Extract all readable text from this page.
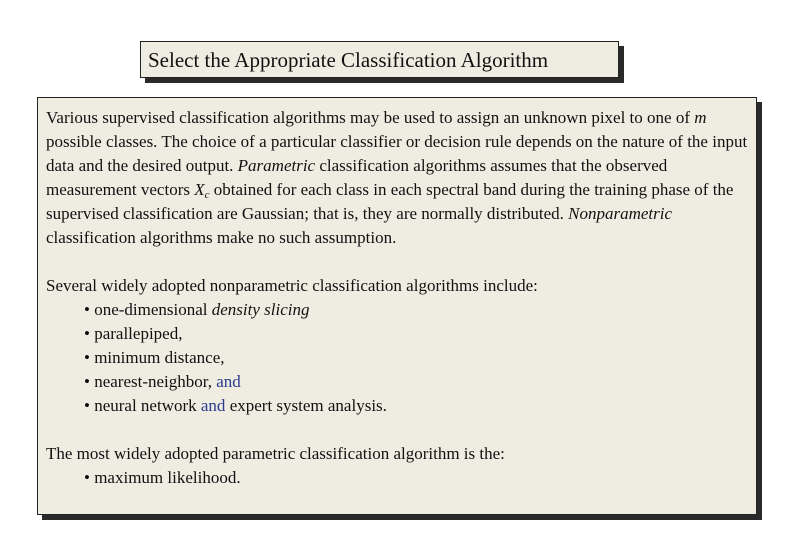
Select the Appropriate Classification Algorithm

Various supervised classification algorithms may be used to assign an unknown pixel to one of m possible classes. The choice of a particular classifier or decision rule depends on the nature of the input data and the desired output. Parametric classification algorithms assumes that the observed measurement vectors $X_c$ obtained for each class in each spectral band during the training phase of the supervised classification are Gaussian; that is, they are normally distributed. Nonparametric classification algorithms make no such assumption.

Several widely adopted nonparametric classification algorithms include:

• one-dimensional density slicing

• parallepiped,

• minimum distance,

• nearest-neighbor, and

• neural network and expert system analysis.

The most widely adopted parametric classification algorithm is the:

• maximum likelihood.
